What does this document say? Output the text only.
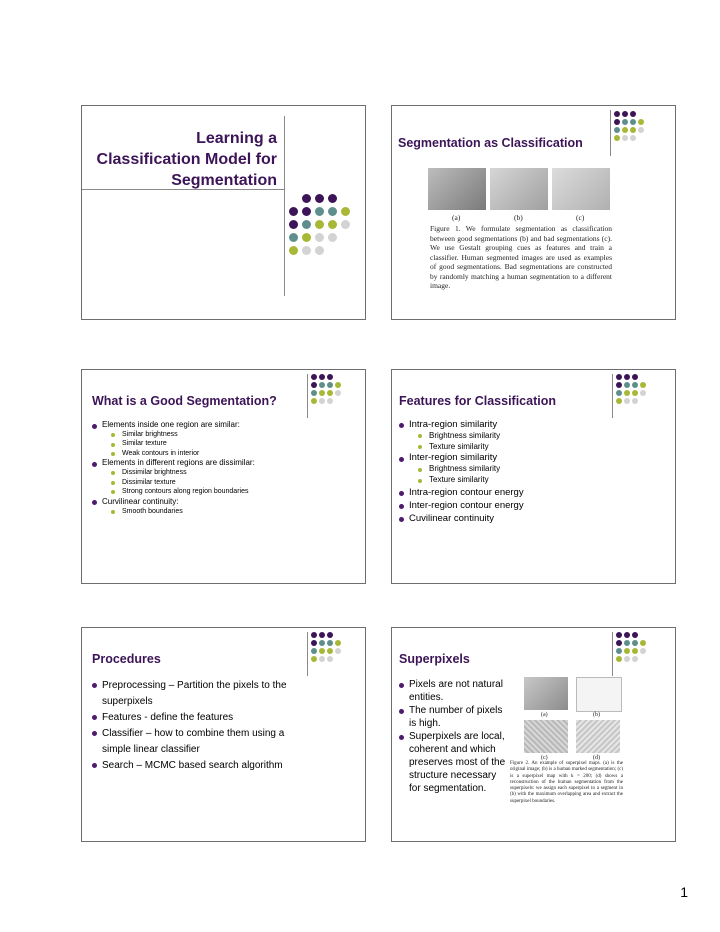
Learning a
Classification Model for
Segmentation
Segmentation as Classification
(a)	(b)	(c)
Figure 1. We formulate segmentation as classification between good segmentations (b) and bad segmentations (c). We use Gestalt grouping cues as features and train a classifier. Human segmented images are used as examples of good segmentations. Bad segmentations are constructed by randomly matching a human segmentation to a different image.
What is a Good Segmentation?
Elements inside one region are similar:
Similar brightness
Similar texture
Weak contours in interior
Elements in different regions are dissimilar:
Dissimilar brightness
Dissimilar texture
Strong contours along region boundaries
Curvilinear continuity:
Smooth boundaries
Features for Classification
Intra-region similarity
Brightness similarity
Texture similarity
Inter-region similarity
Brightness similarity
Texture similarity
Intra-region contour energy
Inter-region contour energy
Cuvilinear continuity
Procedures
Preprocessing – Partition the pixels to the superpixels
Features - define the features
Classifier – how to combine them using a simple linear classifier
Search – MCMC based search algorithm
Superpixels
Pixels are not natural entities.
The number of pixels is high.
Superpixels are local, coherent and which preserves most of the structure necessary for segmentation.
(a)	(b)
(c)	(d)
Figure 2. An example of superpixel maps. (a) is the original image; (b) is a human marked segmentation; (c) is a superpixel map with k = 200; (d) shows a reconstruction of the human segmentation from the superpixels: we assign each superpixel to a segment in (b) with the maximum overlapping area and extract the superpixel boundaries.
1
